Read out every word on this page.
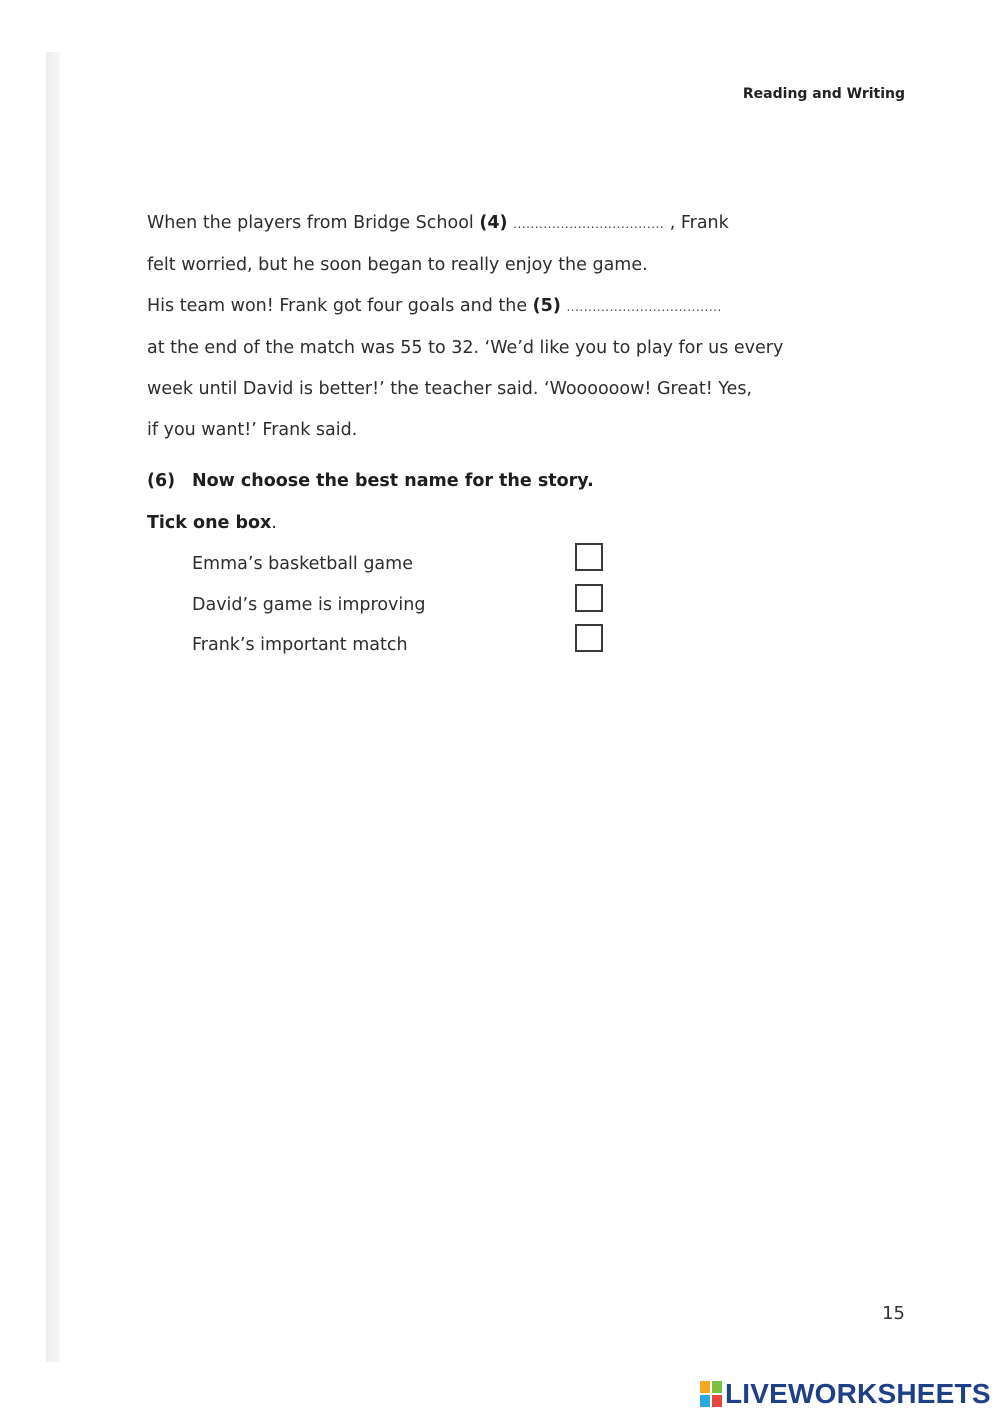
Reading and Writing
When the players from Bridge School (4) ................................... , Frank
felt worried, but he soon began to really enjoy the game.
His team won! Frank got four goals and the (5) ....................................
at the end of the match was 55 to 32. ‘We’d like you to play for us every
week until David is better!’ the teacher said. ‘Woooooow! Great! Yes,
if you want!’ Frank said.
(6) Now choose the best name for the story.
Tick one box.
Emma’s basketball game
David’s game is improving
Frank’s important match
15
LIVEWORKSHEETS
